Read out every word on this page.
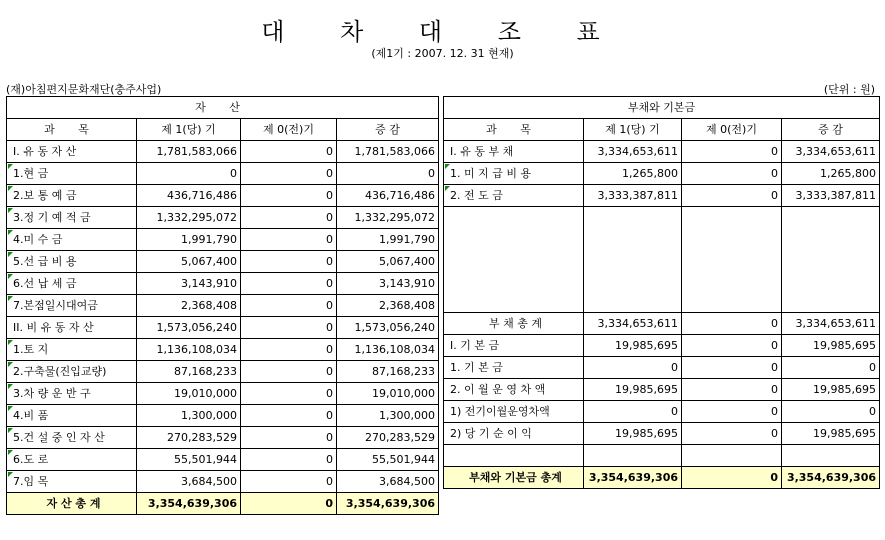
대 차 대 조 표
(제1기 : 2007. 12. 31 현재)
(재)아침편지문화재단(충주사업)	(단위 : 원)
자 산			
과 목	제 1(당) 기	제 0(전)기	증 감
I. 유 동 자 산	1,781,583,066	0	1,781,583,066

1.현 금	0	0	0

2.보 통 예 금	436,716,486	0	436,716,486

3.정 기 예 적 금	1,332,295,072	0	1,332,295,072

4.미 수 금	1,991,790	0	1,991,790

5.선 급 비 용	5,067,400	0	5,067,400

6.선 납 세 금	3,143,910	0	3,143,910

7.본점일시대여금	2,368,408	0	2,368,408
II. 비 유 동 자 산	1,573,056,240	0	1,573,056,240

1.토 지	1,136,108,034	0	1,136,108,034

2.구축물(진입교량)	87,168,233	0	87,168,233

3.차 량 운 반 구	19,010,000	0	19,010,000

4.비 품	1,300,000	0	1,300,000

5.건 설 중 인 자 산	270,283,529	0	270,283,529

6.도 로	55,501,944	0	55,501,944

7.임 목	3,684,500	0	3,684,500
자 산 총 계	3,354,639,306	0	3,354,639,306
부채와 기본금			
과 목	제 1(당) 기	제 0(전)기	증 감
I. 유 동 부 채	3,334,653,611	0	3,334,653,611

1. 미 지 급 비 용	1,265,800	0	1,265,800

2. 전 도 금	3,333,387,811	0	3,333,387,811

부 채 총 계	3,334,653,611	0	3,334,653,611
I. 기 본 금	19,985,695	0	19,985,695
1. 기 본 금	0	0	0
2. 이 월 운 영 차 액	19,985,695	0	19,985,695
1) 전기이월운영차액	0	0	0
2) 당 기 순 이 익	19,985,695	0	19,985,695

부채와 기본금 총계	3,354,639,306	0	3,354,639,306
